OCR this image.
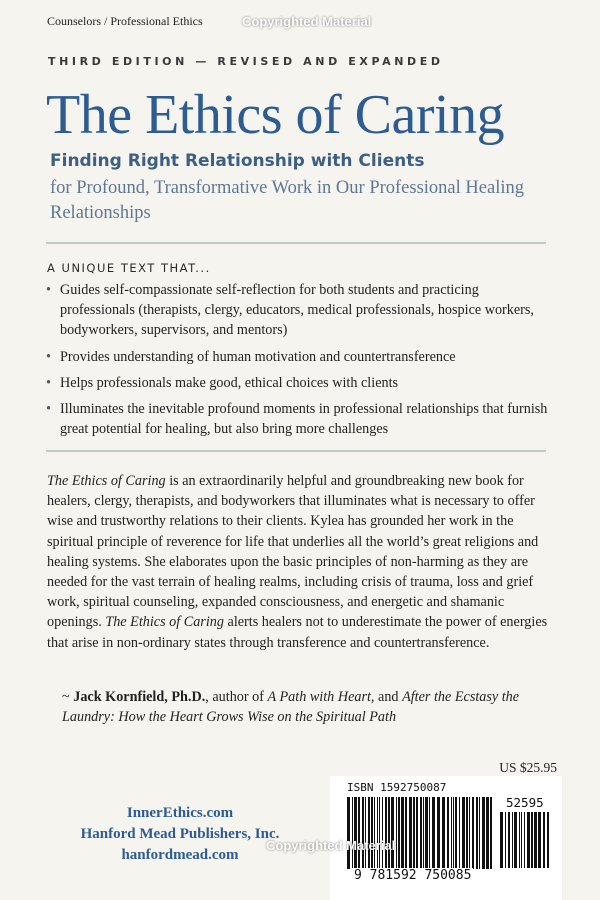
Counselors / Professional Ethics	Copyrighted Material
THIRD EDITION — REVISED AND EXPANDED
The Ethics of Caring
Finding Right Relationship with Clients
for Profound, Transformative Work in Our Professional Healing Relationships
A UNIQUE TEXT THAT...
• Guides self-compassionate self-reflection for both students and practicing professionals (therapists, clergy, educators, medical professionals, hospice workers, bodyworkers, supervisors, and mentors)
• Provides understanding of human motivation and countertransference
• Helps professionals make good, ethical choices with clients
• Illuminates the inevitable profound moments in professional relationships that furnish great potential for healing, but also bring more challenges

The Ethics of Caring is an extraordinarily helpful and groundbreaking new book for healers, clergy, therapists, and bodyworkers that illuminates what is necessary to offer wise and trustworthy relations to their clients. Kylea has grounded her work in the spiritual principle of reverence for life that underlies all the world’s great religions and healing systems. She elaborates upon the basic principles of non-harming as they are needed for the vast terrain of healing realms, including crisis of trauma, loss and grief work, spiritual counseling, expanded consciousness, and energetic and shamanic openings. The Ethics of Caring alerts healers not to underestimate the power of energies that arise in non-ordinary states through transference and countertransference.

~ Jack Kornfield, Ph.D., author of A Path with Heart, and After the Ecstasy the Laundry: How the Heart Grows Wise on the Spiritual Path

US $25.95
InnerEthics.com
Hanford Mead Publishers, Inc.
hanfordmead.com
ISBN 1592750087
52595
9 781592 750085
Copyrighted Material
